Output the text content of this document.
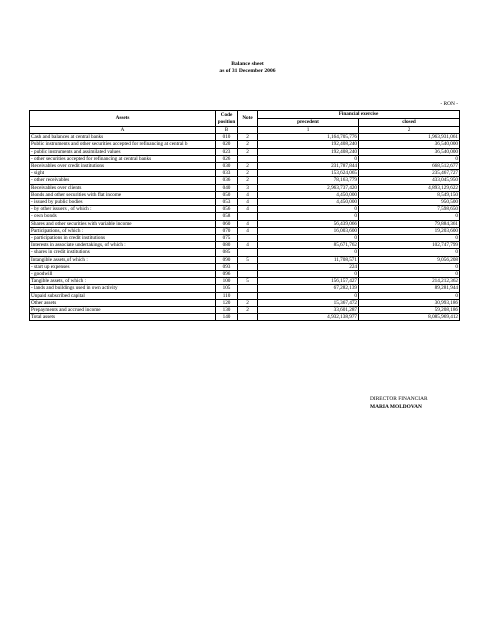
Balance sheet
as of 31 December 2006
- RON -
Assets	Code position	Note	Financial exercise	
			precedent	closed
A	B		1	2
Cash and balances at central banks	010	2	1,164,705,776	1,963,931,061
Public instruments and other securities accepted for refinancing at central b	020	2	192,408,240	36,540,000
- public instruments and assimilated values	023	2	192,408,240	36,540,000
- other securities accepted for refinancing at central banks	026		0	0
Receivables over credit institutions	030	2	231,787,844	668,512,677
- sight	033	2	153,624,065	235,467,727
- other receivables	036	2	78,163,779	433,045,950
Receivables over clients	040	3	2,963,737,420	4,893,129,622
Bonds and other securities with flat income	050	4	4,450,000	8,549,150
- issued by public bodies	053	4	4,450,000	950,500
- by other issuers , of which :	056	4	0	7,598,650
- own bonds	058		0	0
Shares and other securities with variable income	060	4	56,439,066	79,884,361
Participations, of which :	070	4	16,003,600	19,203,600
- participations in credit institutions	075		0	0
Interests in associate undertakings, of which :	080	4	85,671,762	102,747,799
- shares in credit institutions	085		0	0
Intangible assets,of which :	090	5	11,708,571	9,056,208
- start up expenses	093		224	0
- goodwill	096		0	0
Tangible assets, of which :	100	5	156,157,427	214,212,362
- lands and buildings used in own activity	105		67,282,139	89,281,944
Unpaid subscribed capital	110		0	0
Other assets	120	2	15,367,472	30,993,186
Prepayments and accrued income	130	2	33,601,287	59,208,186
Total assets	140		4,932,138,977	8,085,969,412
DIRECTOR FINANCIAR
MARIA MOLDOVAN
